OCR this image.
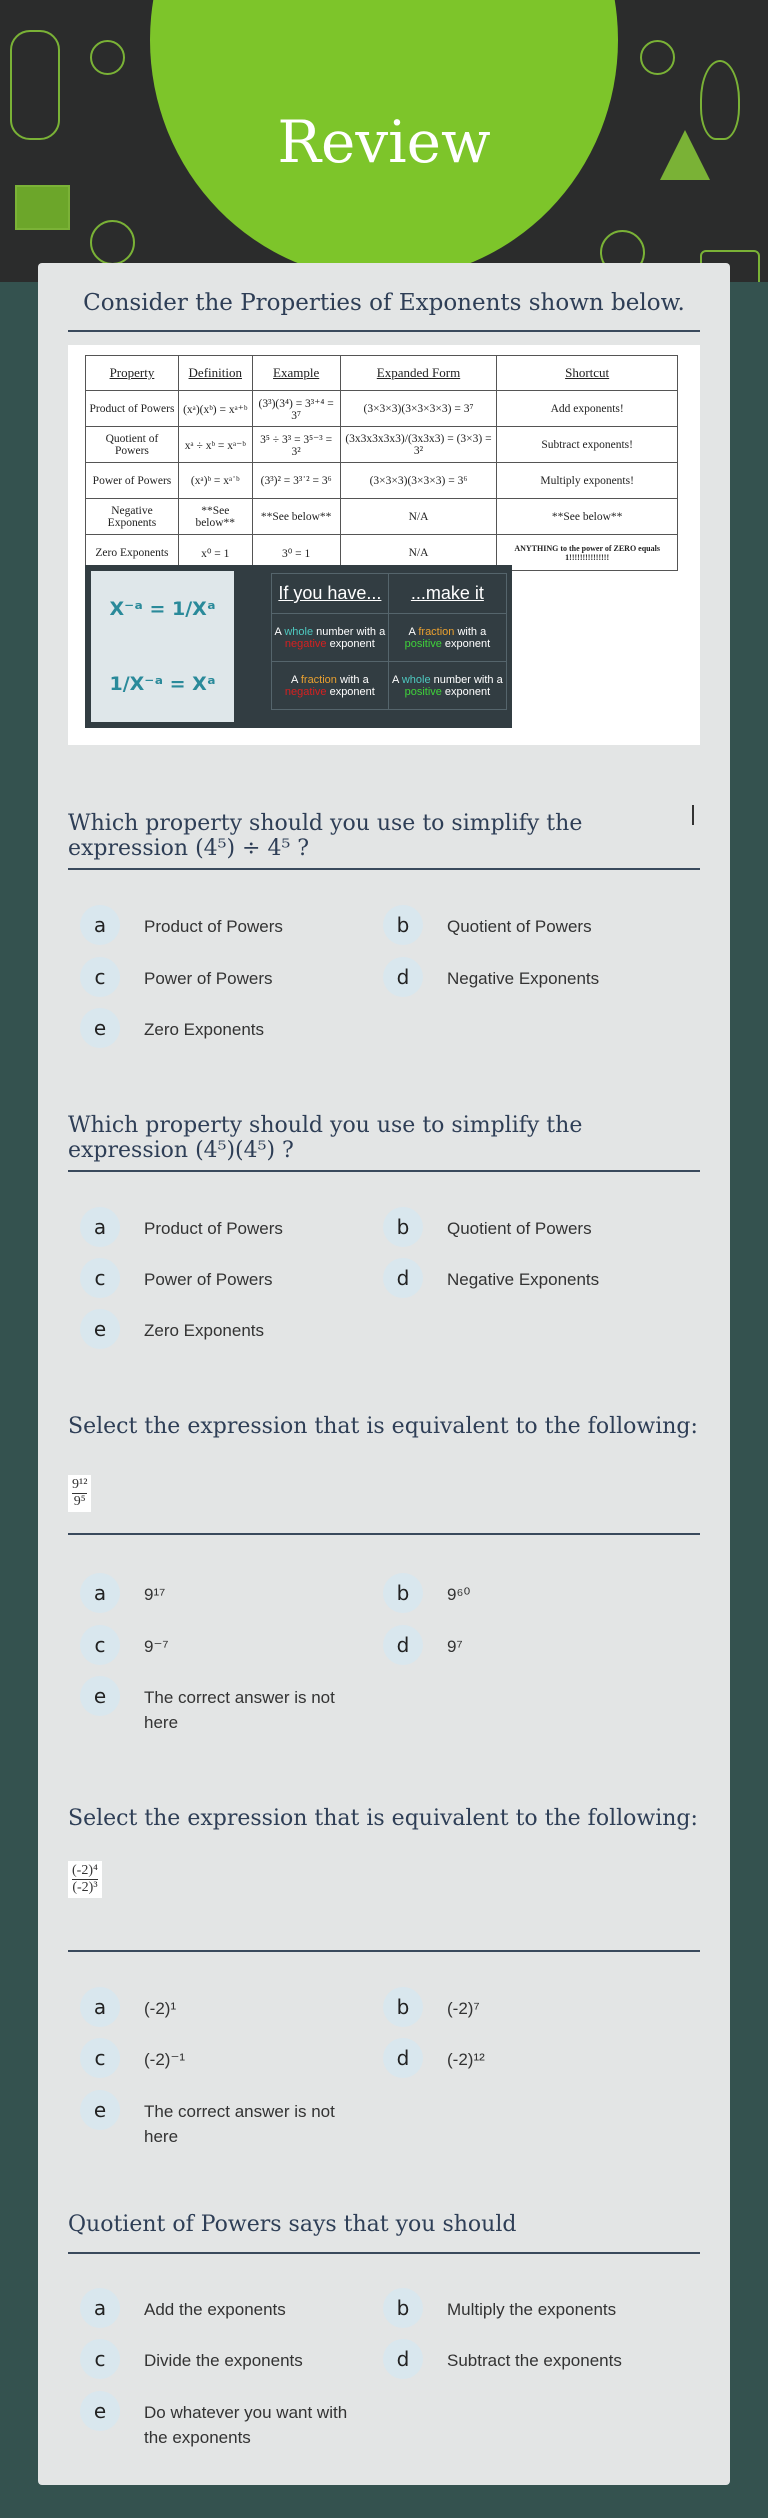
Review
Consider the Properties of Exponents shown below.
Property	Definition	Example	Expanded Form	Shortcut
Product of Powers	(xᵃ)(xᵇ) = xᵃ⁺ᵇ	(3³)(3⁴) = 3³⁺⁴ = 3⁷	(3×3×3)(3×3×3×3) = 3⁷	Add exponents!
Quotient of Powers	xᵃ ÷ xᵇ = xᵃ⁻ᵇ	3⁵ ÷ 3³ = 3⁵⁻³ = 3²	(3x3x3x3x3)/(3x3x3) = (3×3) = 3²	Subtract exponents!
Power of Powers	(xᵃ)ᵇ = xᵃ˙ᵇ	(3³)² = 3³˙² = 3⁶	(3×3×3)(3×3×3) = 3⁶	Multiply exponents!
Negative Exponents	**See below**	**See below**	N/A	**See below**
Zero Exponents	x⁰ = 1	3⁰ = 1	N/A	ANYTHING to the power of ZERO equals 1!!!!!!!!!!!!!!!
X⁻ᵃ = 1/Xᵃ
1/X⁻ᵃ = Xᵃ
If you have...	...make it
A whole number with a negative exponent	A fraction with a positive exponent
A fraction with a negative exponent	A whole number with a positive exponent
Which property should you use to simplify the expression (4⁵) ÷ 4⁵ ?
a	Product of Powers	b	Quotient of Powers
c	Power of Powers	d	Negative Exponents
e	Zero Exponents
Which property should you use to simplify the expression (4⁵)(4⁵) ?
a	Product of Powers	b	Quotient of Powers
c	Power of Powers	d	Negative Exponents
e	Zero Exponents
Select the expression that is equivalent to the following:
$\frac{\text{9¹²}}{\text{9⁵}}$
a	9¹⁷	b	9⁶⁰
c	9⁻⁷	d	9⁷
e	The correct answer is not here
Select the expression that is equivalent to the following:
$\frac{\text{(-2)⁴}}{\text{(-2)³}}$
a	(-2)¹	b	(-2)⁷
c	(-2)⁻¹	d	(-2)¹²
e	The correct answer is not here
Quotient of Powers says that you should
a	Add the exponents	b	Multiply the exponents
c	Divide the exponents	d	Subtract the exponents
e	Do whatever you want with the exponents
